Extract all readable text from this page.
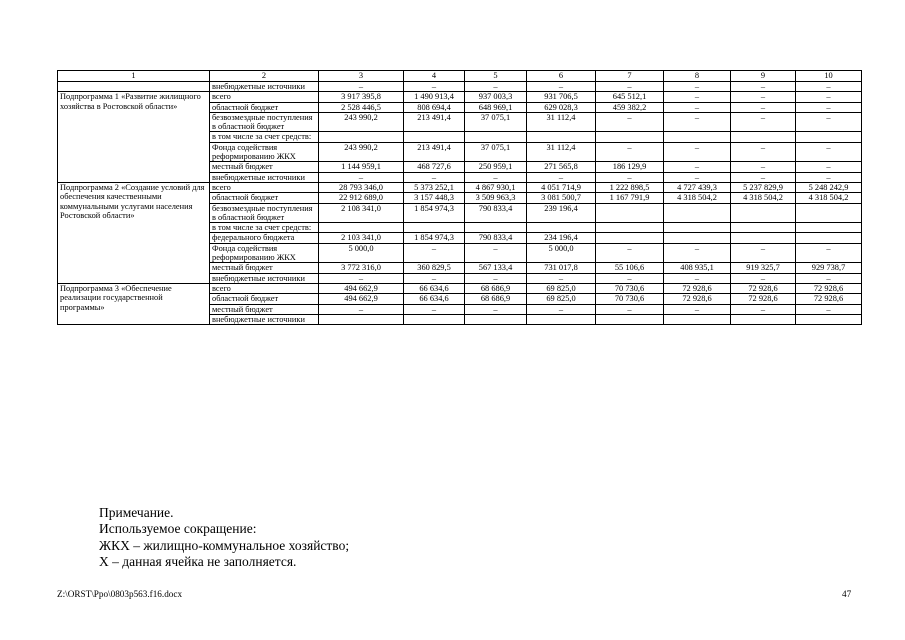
1	2	3	4	5	6	7	8	9	10
	внебюджетные источники	–	–	–	–	–	–	–	–
Подпрограмма 1 «Развитие жилищного хозяйства в Ростовской области»	всего	3 917 395,8	1 490 913,4	937 003,3	931 706,5	645 512,1	–	–	–
	областной бюджет	2 528 446,5	808 694,4	648 969,1	629 028,3	459 382,2	–	–	–
	безвозмездные поступления в областной бюджет	243 990,2	213 491,4	37 075,1	31 112,4	–	–	–	–
	в том числе за счет средств:								
	Фонда содействия реформированию ЖКХ	243 990,2	213 491,4	37 075,1	31 112,4	–	–	–	–
	местный бюджет	1 144 959,1	468 727,6	250 959,1	271 565,8	186 129,9	–	–	–
	внебюджетные источники	–	–	–	–	–	–	–	–
Подпрограмма 2 «Создание условий для обеспечения качественными коммунальными услугами населения Ростовской области»	всего	28 793 346,0	5 373 252,1	4 867 930,1	4 051 714,9	1 222 898,5	4 727 439,3	5 237 829,9	5 248 242,9
	областной бюджет	22 912 689,0	3 157 448,3	3 509 963,3	3 081 500,7	1 167 791,9	4 318 504,2	4 318 504,2	4 318 504,2
	безвозмездные поступления в областной бюджет	2 108 341,0	1 854 974,3	790 833,4	239 196,4				
	в том числе за счет средств:								
	федерального бюджета	2 103 341,0	1 854 974,3	790 833,4	234 196,4				
	Фонда содействия реформированию ЖКХ	5 000,0	–	–	5 000,0	–	–	–	–
	местный бюджет	3 772 316,0	360 829,5	567 133,4	731 017,8	55 106,6	408 935,1	919 325,7	929 738,7
	внебюджетные источники	–	–	–	–	–	–	–	–
Подпрограмма 3 «Обеспечение реализации государственной программы»	всего	494 662,9	66 634,6	68 686,9	69 825,0	70 730,6	72 928,6	72 928,6	72 928,6
	областной бюджет	494 662,9	66 634,6	68 686,9	69 825,0	70 730,6	72 928,6	72 928,6	72 928,6
	местный бюджет	–	–	–	–	–	–	–	–
	внебюджетные источники								
Примечание.
Используемое сокращение:
ЖКХ – жилищно-коммунальное хозяйство;
Х – данная ячейка не заполняется.
Z:\ORST\Ppo\0803p563.f16.docx	47
